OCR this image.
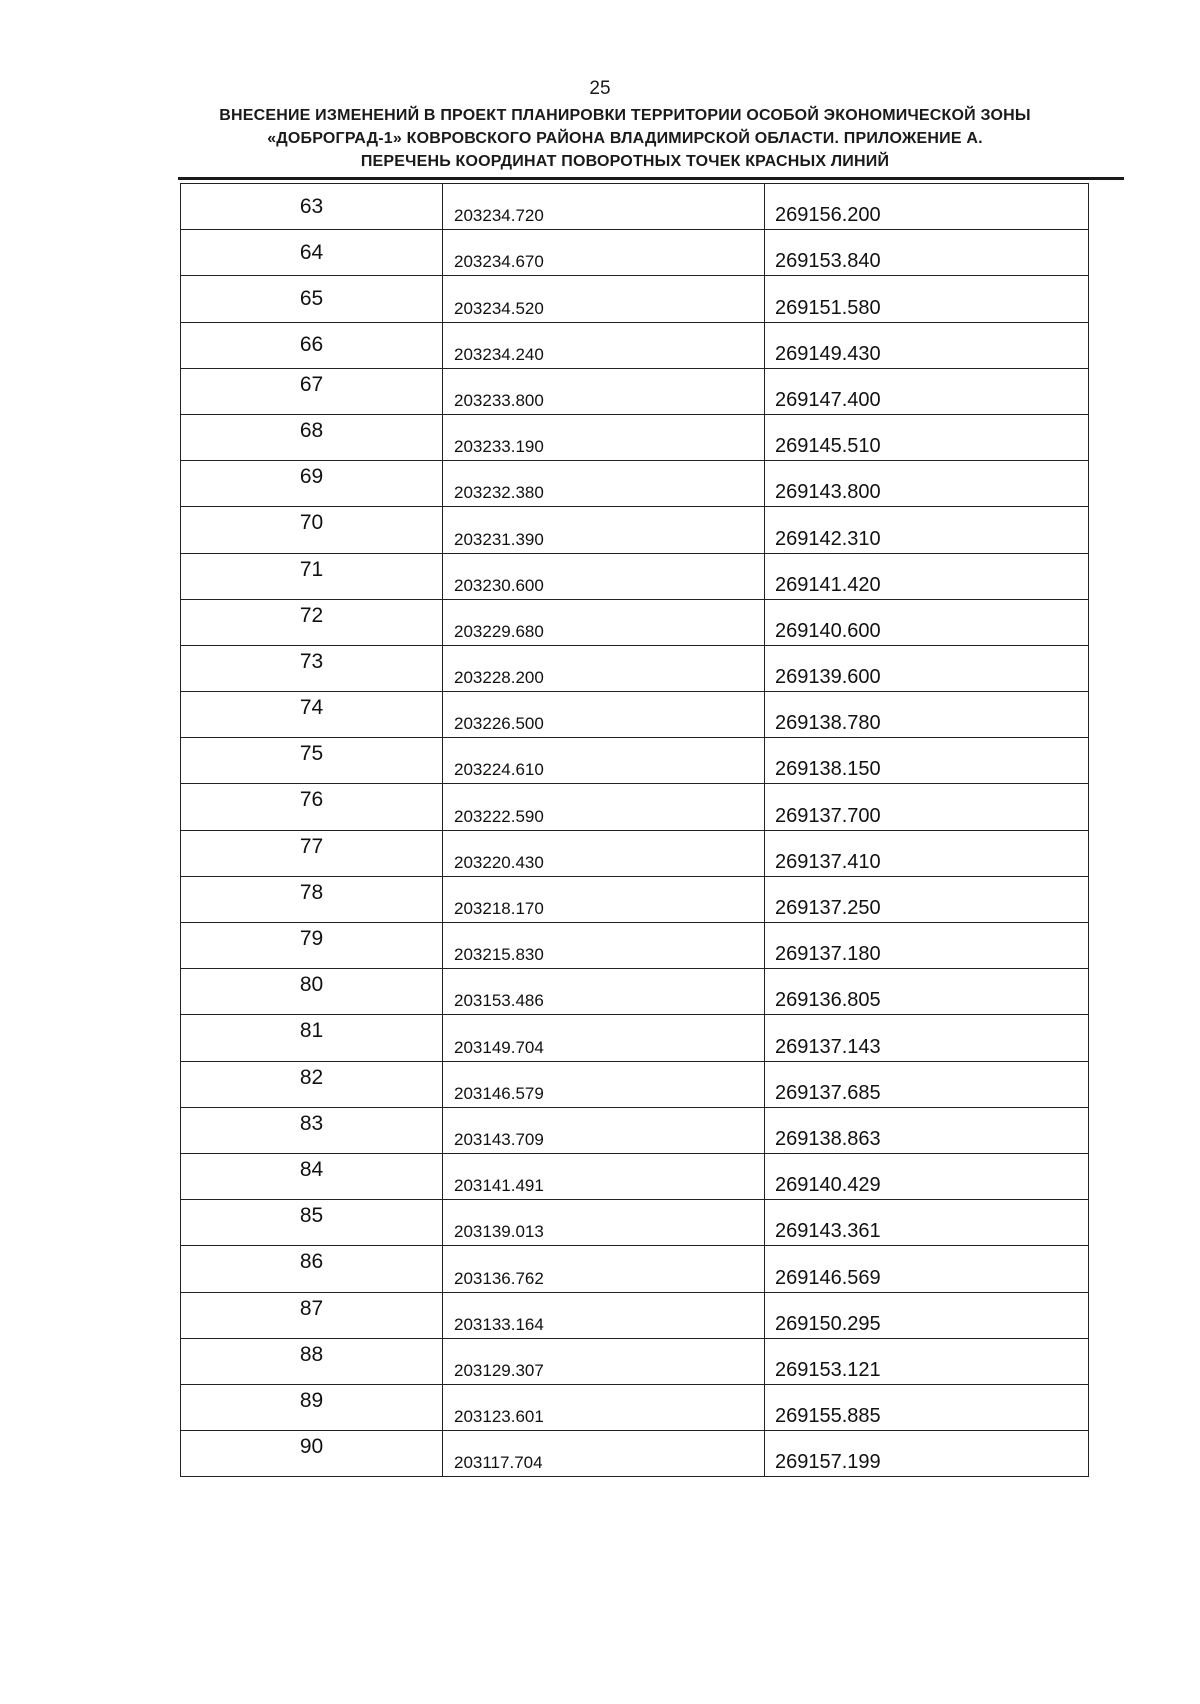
25
ВНЕСЕНИЕ ИЗМЕНЕНИЙ В ПРОЕКТ ПЛАНИРОВКИ ТЕРРИТОРИИ ОСОБОЙ ЭКОНОМИЧЕСКОЙ ЗОНЫ
«ДОБРОГРАД-1» КОВРОВСКОГО РАЙОНА ВЛАДИМИРСКОЙ ОБЛАСТИ. ПРИЛОЖЕНИЕ А.
ПЕРЕЧЕНЬ КООРДИНАТ ПОВОРОТНЫХ ТОЧЕК КРАСНЫХ ЛИНИЙ
63	203234.720	269156.200
64	203234.670	269153.840
65	203234.520	269151.580
66	203234.240	269149.430
67	203233.800	269147.400
68	203233.190	269145.510
69	203232.380	269143.800
70	203231.390	269142.310
71	203230.600	269141.420
72	203229.680	269140.600
73	203228.200	269139.600
74	203226.500	269138.780
75	203224.610	269138.150
76	203222.590	269137.700
77	203220.430	269137.410
78	203218.170	269137.250
79	203215.830	269137.180
80	203153.486	269136.805
81	203149.704	269137.143
82	203146.579	269137.685
83	203143.709	269138.863
84	203141.491	269140.429
85	203139.013	269143.361
86	203136.762	269146.569
87	203133.164	269150.295
88	203129.307	269153.121
89	203123.601	269155.885
90	203117.704	269157.199
